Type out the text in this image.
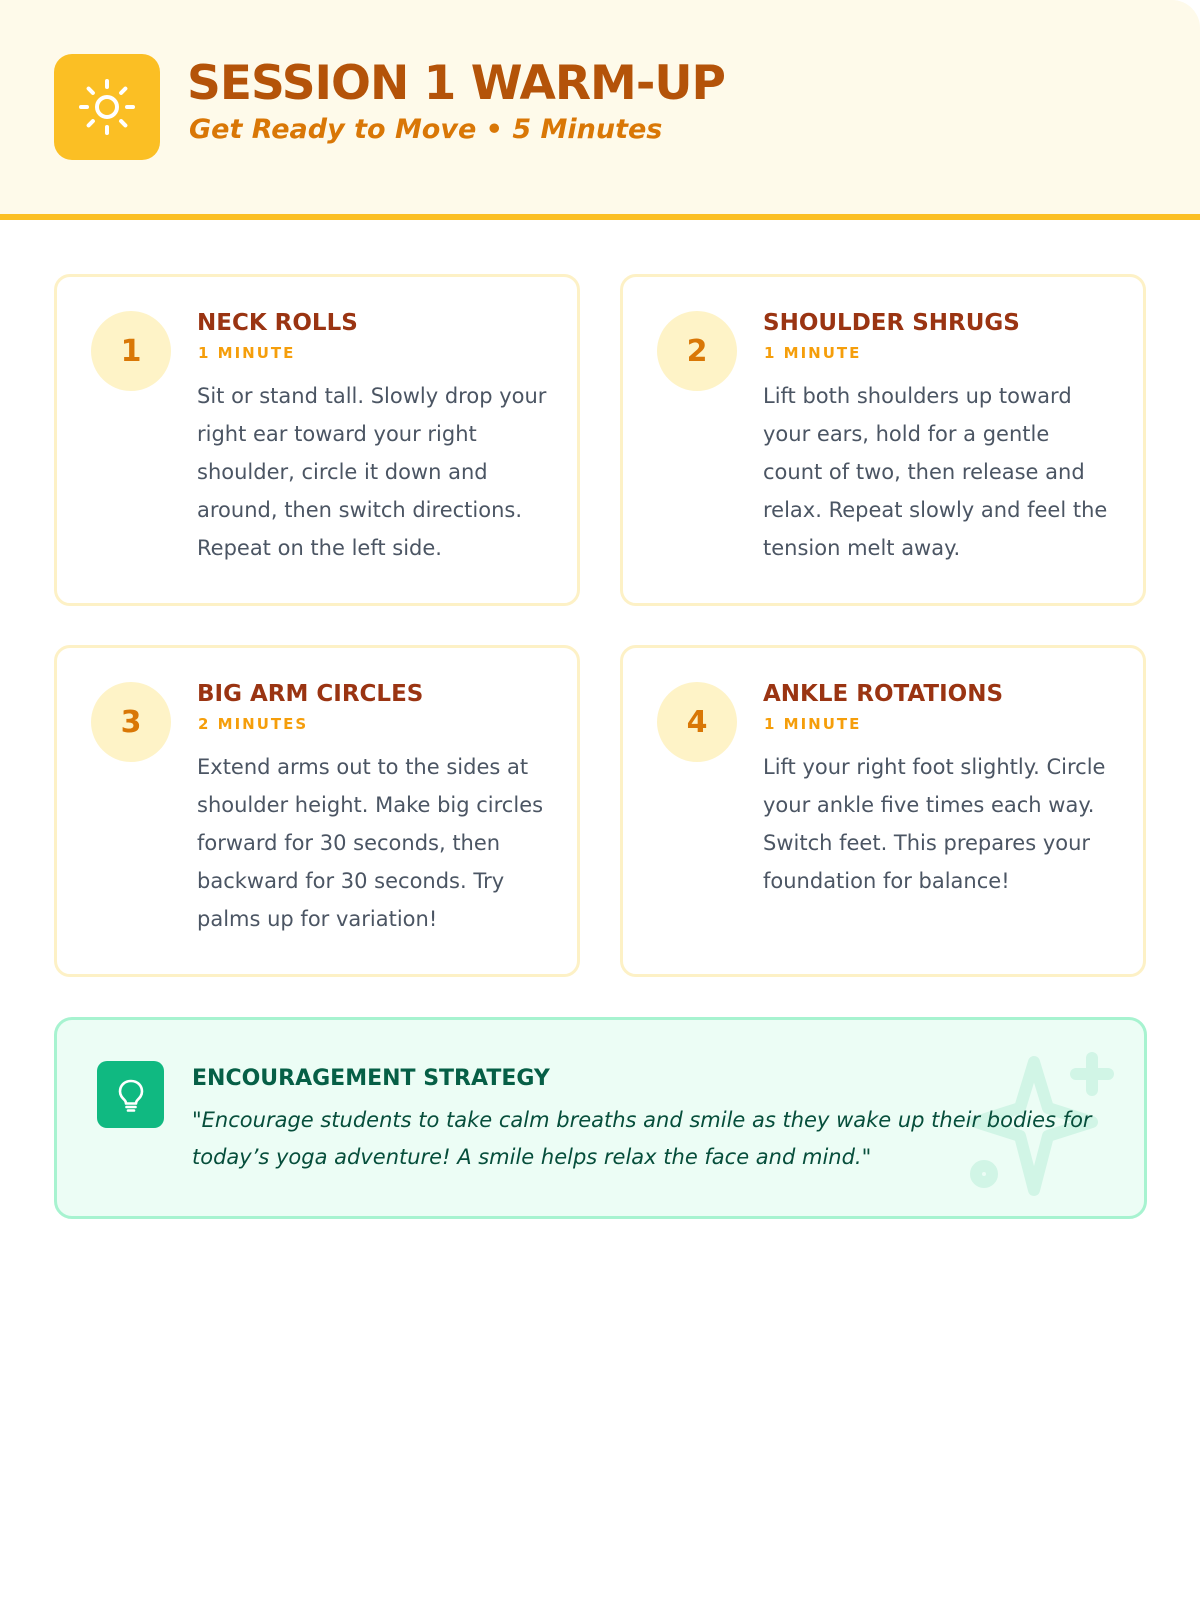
SESSION 1 WARM-UP
Get Ready to Move • 5 Minutes
1
NECK ROLLS
1 MINUTE
Sit or stand tall. Slowly drop your right ear toward your right shoulder, circle it down and around, then switch directions. Repeat on the left side.
2
SHOULDER SHRUGS
1 MINUTE
Lift both shoulders up toward your ears, hold for a gentle count of two, then release and relax. Repeat slowly and feel the tension melt away.
3
BIG ARM CIRCLES
2 MINUTES
Extend arms out to the sides at shoulder height. Make big circles forward for 30 seconds, then backward for 30 seconds. Try palms up for variation!
4
ANKLE ROTATIONS
1 MINUTE
Lift your right foot slightly. Circle your ankle five times each way. Switch feet. This prepares your foundation for balance!
ENCOURAGEMENT STRATEGY
"Encourage students to take calm breaths and smile as they wake up their bodies for today’s yoga adventure! A smile helps relax the face and mind."
